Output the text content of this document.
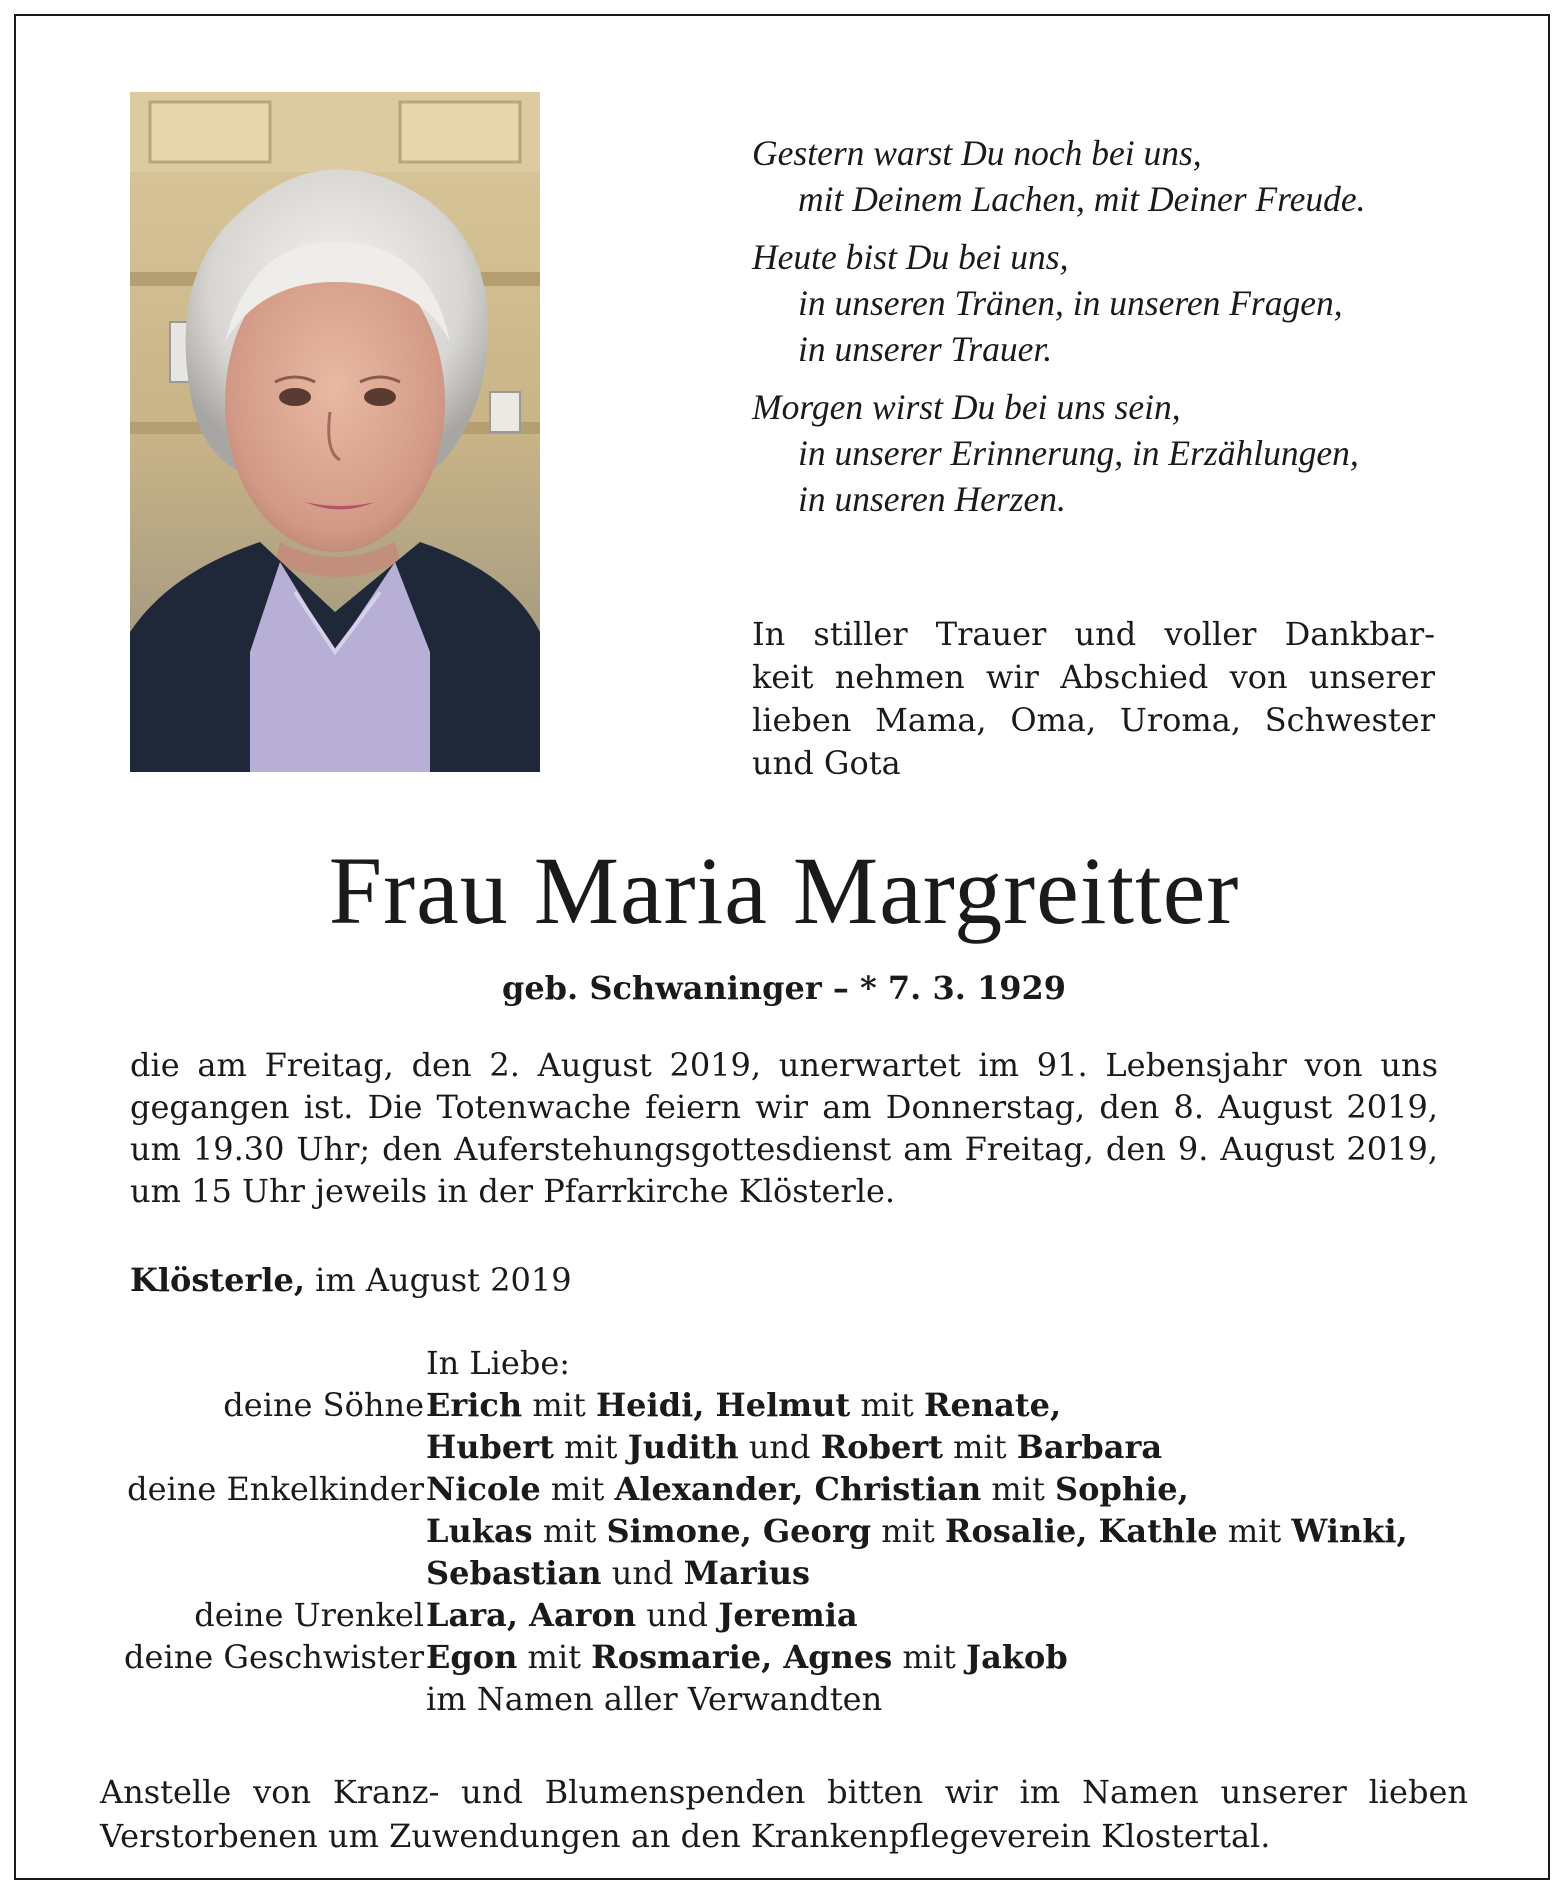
Gestern warst Du noch bei uns,
mit Deinem Lachen, mit Deiner Freude.
Heute bist Du bei uns,
in unseren Tränen, in unseren Fragen,
in unserer Trauer.
Morgen wirst Du bei uns sein,
in unserer Erinnerung, in Erzählungen,
in unseren Herzen.
In stiller Trauer und voller Dankbar-
keit nehmen wir Abschied von unserer
lieben Mama, Oma, Uroma, Schwester
und Gota
Frau Maria Margreitter
geb. Schwaninger – * 7. 3. 1929
die am Freitag, den 2. August 2019, unerwartet im 91. Lebensjahr von uns
gegangen ist. Die Totenwache feiern wir am Donnerstag, den 8. August 2019,
um 19.30 Uhr; den Auferstehungsgottesdienst am Freitag, den 9. August 2019,
um 15 Uhr jeweils in der Pfarrkirche Klösterle.
Klösterle, im August 2019
In Liebe:
deine Söhne Erich mit Heidi, Helmut mit Renate,
Hubert mit Judith und Robert mit Barbara
deine Enkelkinder Nicole mit Alexander, Christian mit Sophie,
Lukas mit Simone, Georg mit Rosalie, Kathle mit Winki,
Sebastian und Marius
deine Urenkel Lara, Aaron und Jeremia
deine Geschwister Egon mit Rosmarie, Agnes mit Jakob
im Namen aller Verwandten
Anstelle von Kranz- und Blumenspenden bitten wir im Namen unserer lieben
Verstorbenen um Zuwendungen an den Krankenpflegeverein Klostertal.
